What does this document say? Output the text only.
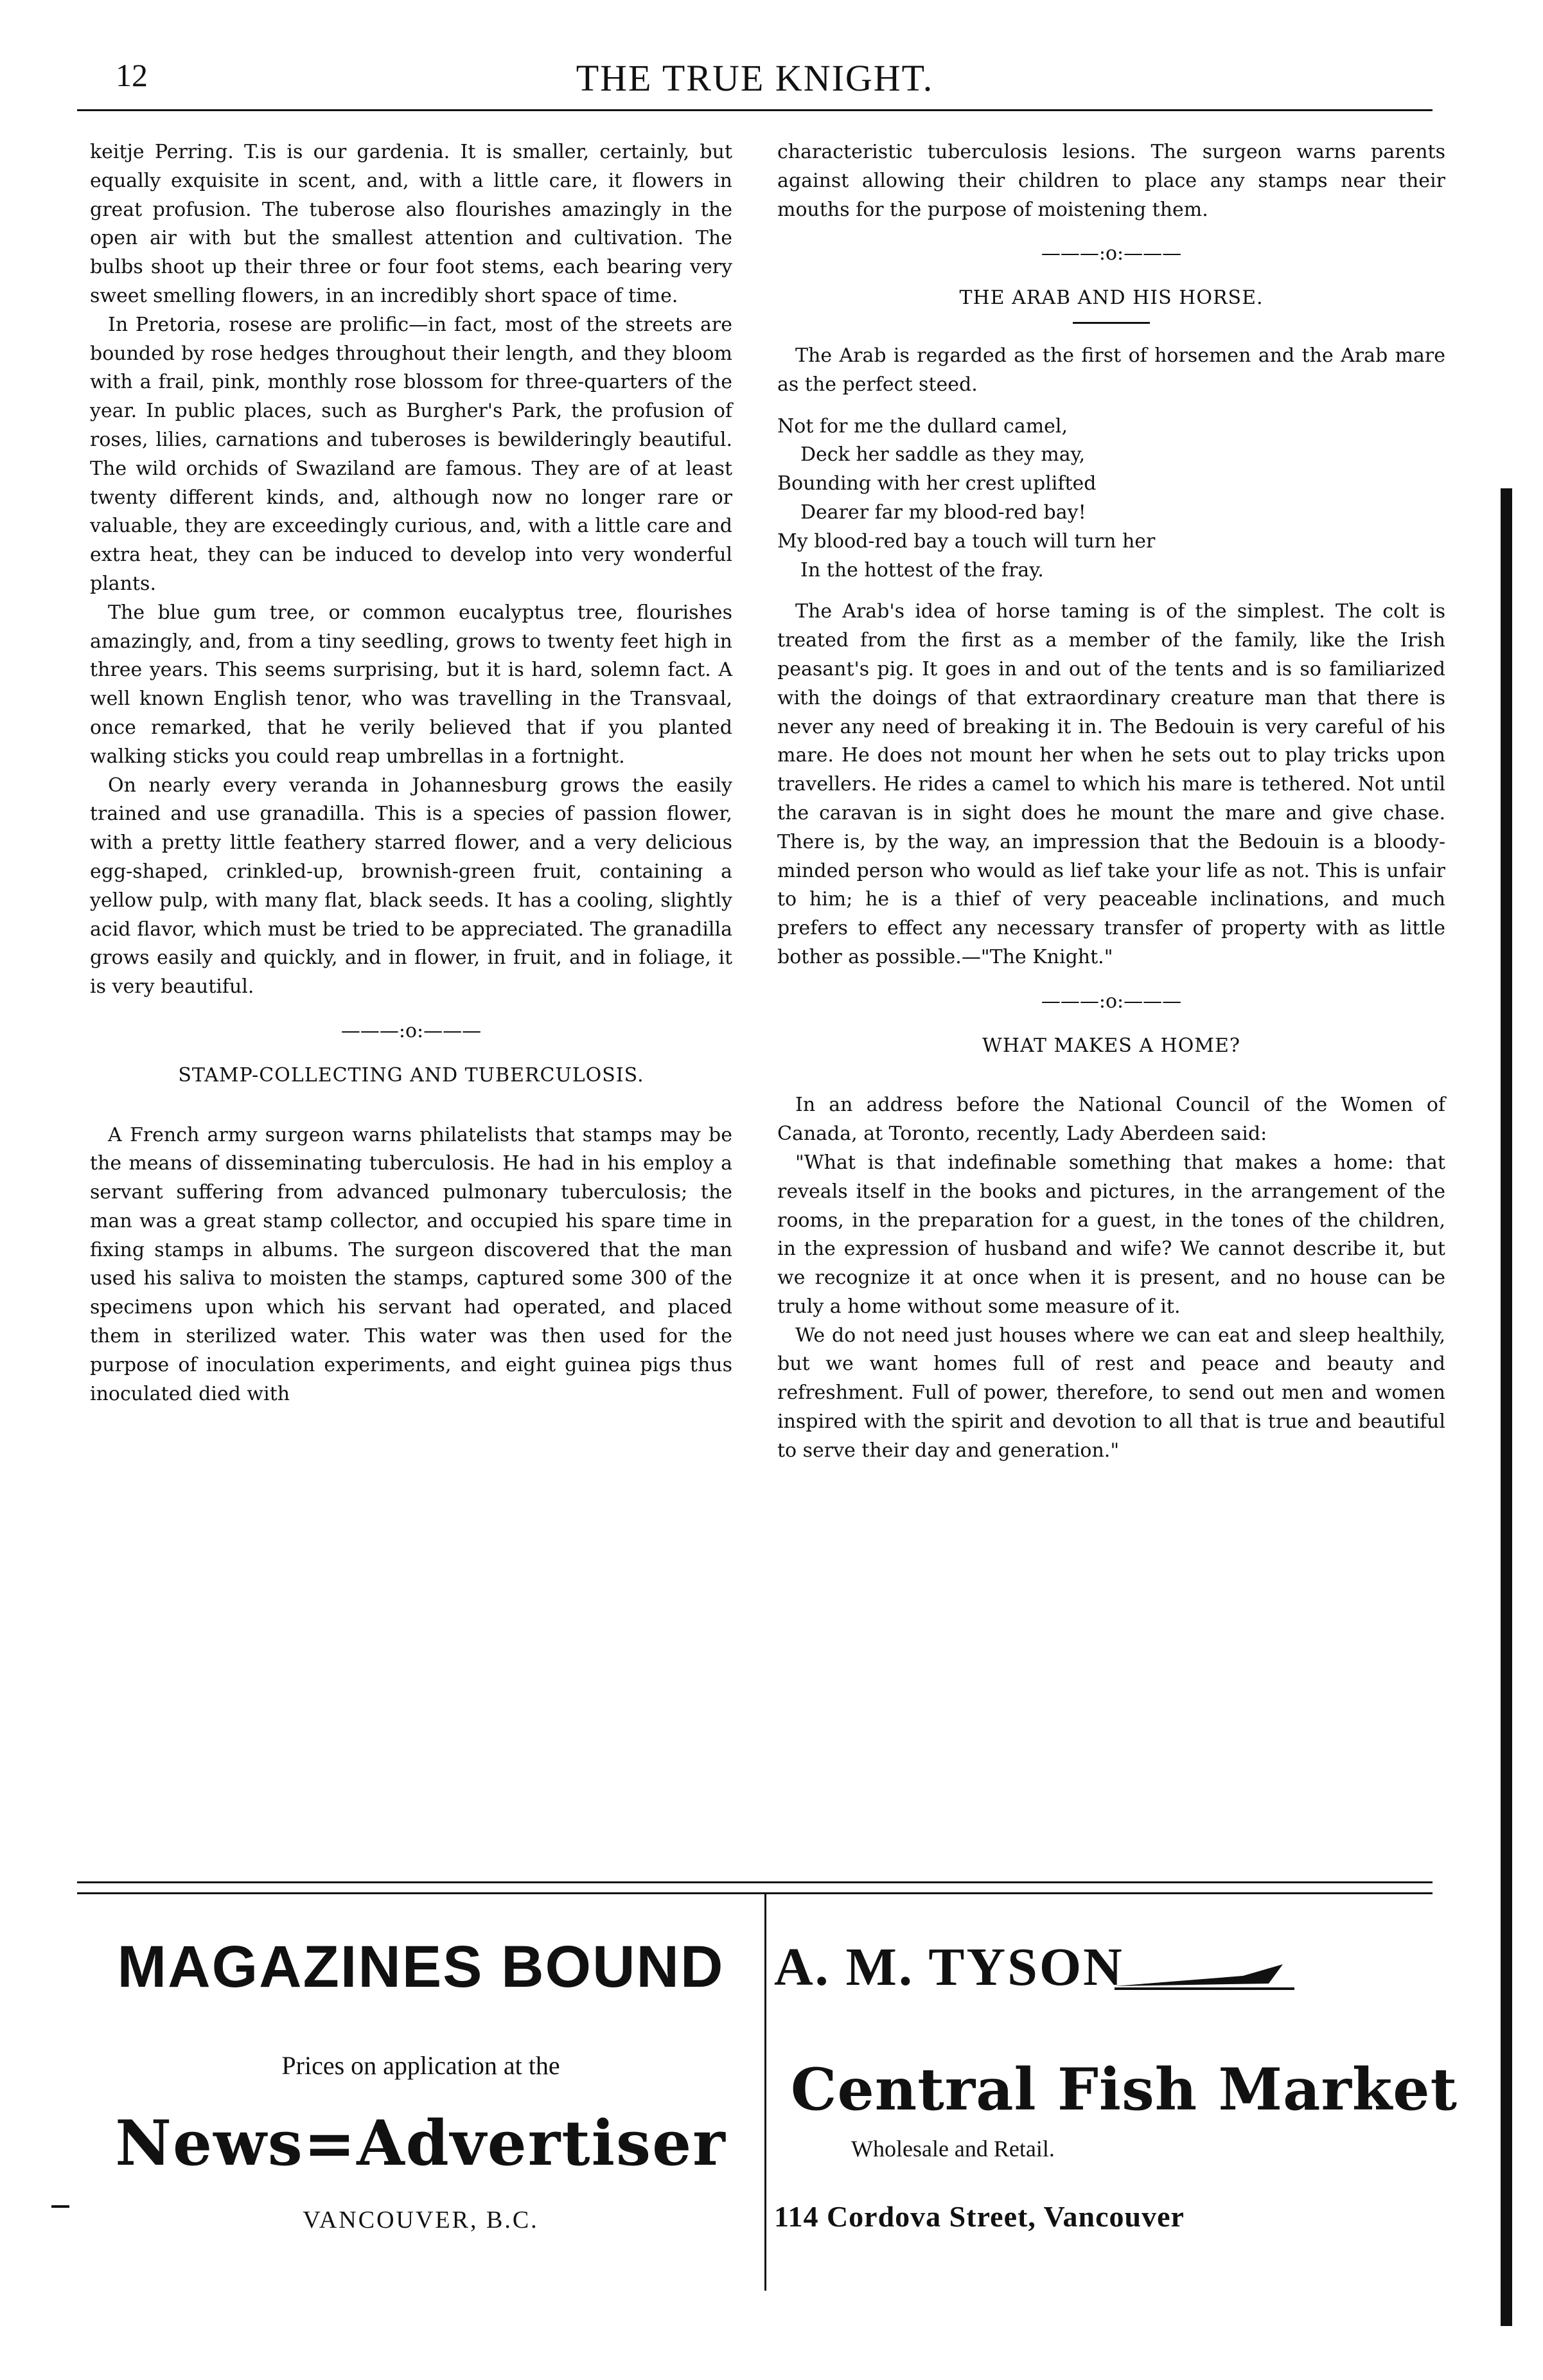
12	THE TRUE KNIGHT.

keitje Perring. T.is is our gardenia. It is smaller, certainly, but equally exquisite in scent, and, with a little care, it flowers in great profusion. The tuberose also flourishes amazingly in the open air with but the smallest attention and cultivation. The bulbs shoot up their three or four foot stems, each bearing very sweet smelling flowers, in an incredibly short space of time.

In Pretoria, rosese are prolific—in fact, most of the streets are bounded by rose hedges throughout their length, and they bloom with a frail, pink, monthly rose blossom for three-quarters of the year. In public places, such as Burgher's Park, the profusion of roses, lilies, carnations and tuberoses is bewilderingly beautiful. The wild orchids of Swaziland are famous. They are of at least twenty different kinds, and, although now no longer rare or valuable, they are exceedingly curious, and, with a little care and extra heat, they can be induced to develop into very wonderful plants.

The blue gum tree, or common eucalyptus tree, flourishes amazingly, and, from a tiny seedling, grows to twenty feet high in three years. This seems surprising, but it is hard, solemn fact. A well known English tenor, who was travelling in the Transvaal, once remarked, that he verily believed that if you planted walking sticks you could reap umbrellas in a fortnight.

On nearly every veranda in Johannesburg grows the easily trained and use granadilla. This is a species of passion flower, with a pretty little feathery starred flower, and a very delicious egg-shaped, crinkled-up, brownish-green fruit, containing a yellow pulp, with many flat, black seeds. It has a cooling, slightly acid flavor, which must be tried to be appreciated. The granadilla grows easily and quickly, and in flower, in fruit, and in foliage, it is very beautiful.

———:o:———
STAMP-COLLECTING AND TUBERCULOSIS.

A French army surgeon warns philatelists that stamps may be the means of disseminating tuberculosis. He had in his employ a servant suffering from advanced pulmonary tuberculosis; the man was a great stamp collector, and occupied his spare time in fixing stamps in albums. The surgeon discovered that the man used his saliva to moisten the stamps, captured some 300 of the specimens upon which his servant had operated, and placed them in sterilized water. This water was then used for the purpose of inoculation experiments, and eight guinea pigs thus inoculated died with

characteristic tuberculosis lesions. The surgeon warns parents against allowing their children to place any stamps near their mouths for the purpose of moistening them.

———:o:———
THE ARAB AND HIS HORSE.

The Arab is regarded as the first of horsemen and the Arab mare as the perfect steed.

Not for me the dullard camel,
Deck her saddle as they may,
Bounding with her crest uplifted
Dearer far my blood-red bay!
My blood-red bay a touch will turn her
In the hottest of the fray.

The Arab's idea of horse taming is of the simplest. The colt is treated from the first as a member of the family, like the Irish peasant's pig. It goes in and out of the tents and is so familiarized with the doings of that extraordinary creature man that there is never any need of breaking it in. The Bedouin is very careful of his mare. He does not mount her when he sets out to play tricks upon travellers. He rides a camel to which his mare is tethered. Not until the caravan is in sight does he mount the mare and give chase. There is, by the way, an impression that the Bedouin is a bloody-minded person who would as lief take your life as not. This is unfair to him; he is a thief of very peaceable inclinations, and much prefers to effect any necessary transfer of property with as little bother as possible.—"The Knight."

———:o:———
WHAT MAKES A HOME?

In an address before the National Council of the Women of Canada, at Toronto, recently, Lady Aberdeen said:

"What is that indefinable something that makes a home: that reveals itself in the books and pictures, in the arrangement of the rooms, in the preparation for a guest, in the tones of the children, in the expression of husband and wife? We cannot describe it, but we recognize it at once when it is present, and no house can be truly a home without some measure of it.

We do not need just houses where we can eat and sleep healthily, but we want homes full of rest and peace and beauty and refreshment. Full of power, therefore, to send out men and women inspired with the spirit and devotion to all that is true and beautiful to serve their day and generation."

MAGAZINES BOUND
Prices on application at the
News=Advertiser
VANCOUVER, B.C.
A. M. TYSON
Central Fish Market
Wholesale and Retail.
114 Cordova Street, Vancouver
